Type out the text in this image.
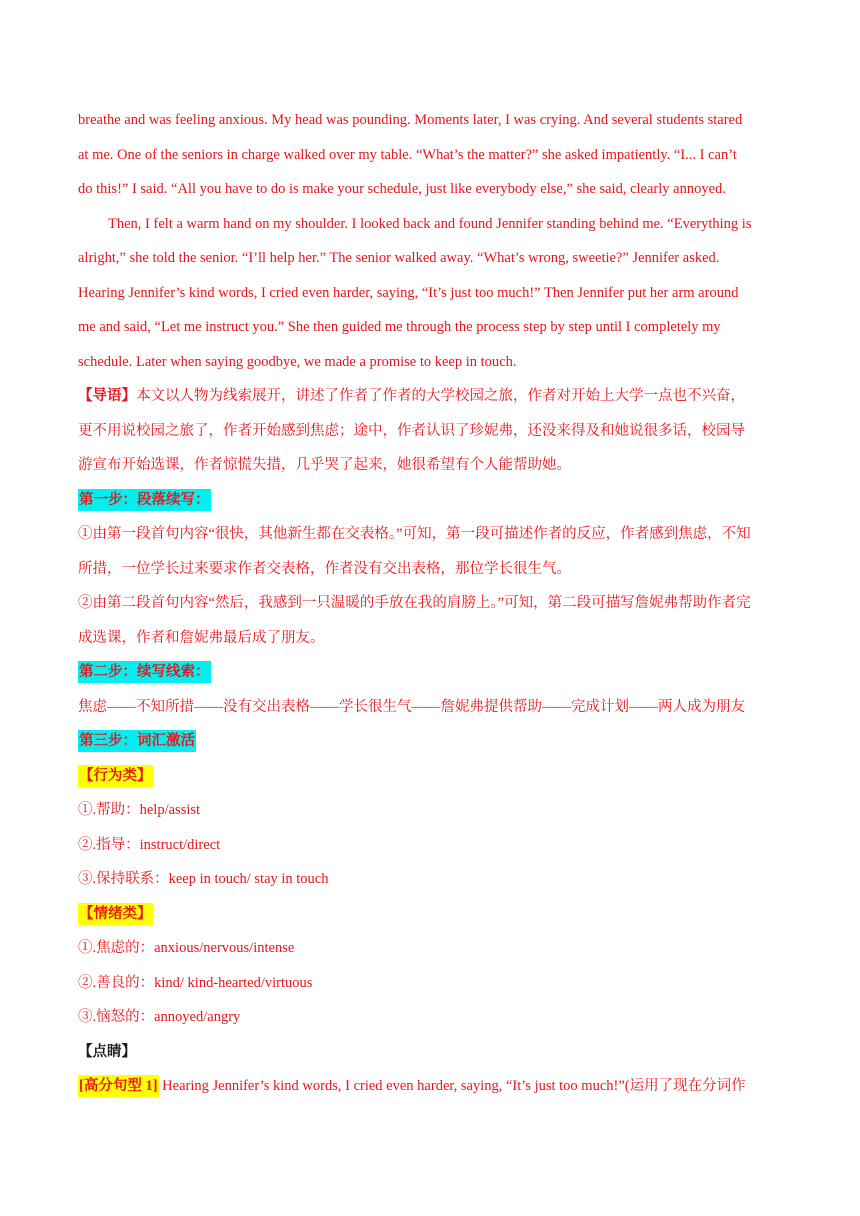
breathe and was feeling anxious. My head was pounding. Moments later, I was crying. And several students stared
at me. One of the seniors in charge walked over my table. “What’s the matter?” she asked impatiently. “I... I can’t
do this!” I said. “All you have to do is make your schedule, just like everybody else,” she said, clearly annoyed.
Then, I felt a warm hand on my shoulder. I looked back and found Jennifer standing behind me. “Everything is
alright,” she told the senior. “I’ll help her.” The senior walked away. “What’s wrong, sweetie?” Jennifer asked.
Hearing Jennifer’s kind words, I cried even harder, saying, “It’s just too much!” Then Jennifer put her arm around
me and said, “Let me instruct you.” She then guided me through the process step by step until I completely my
schedule. Later when saying goodbye, we made a promise to keep in touch.
【导语】本文以人物为线索展开，讲述了作者了作者的大学校园之旅，作者对开始上大学一点也不兴奋，
更不用说校园之旅了，作者开始感到焦虑；途中，作者认识了珍妮弗，还没来得及和她说很多话，校园导
游宣布开始选课，作者惊慌失措，几乎哭了起来，她很希望有个人能帮助她。
第一步：段落续写：
①由第一段首句内容“很快，其他新生都在交表格。”可知，第一段可描述作者的反应，作者感到焦虑，不知
所措，一位学长过来要求作者交表格，作者没有交出表格，那位学长很生气。
②由第二段首句内容“然后，我感到一只温暖的手放在我的肩膀上。”可知，第二段可描写詹妮弗帮助作者完
成选课，作者和詹妮弗最后成了朋友。
第二步：续写线索：
焦虑——不知所措——没有交出表格——学长很生气——詹妮弗提供帮助——完成计划——两人成为朋友
第三步：词汇激活
【行为类】
①.帮助：help/assist
②.指导：instruct/direct
③.保持联系：keep in touch/ stay in touch
【情绪类】
①.焦虑的：anxious/nervous/intense
②.善良的：kind/ kind-hearted/virtuous
③.恼怒的：annoyed/angry
【点睛】
[高分句型 1] Hearing Jennifer’s kind words, I cried even harder, saying, “It’s just too much!”(运用了现在分词作
